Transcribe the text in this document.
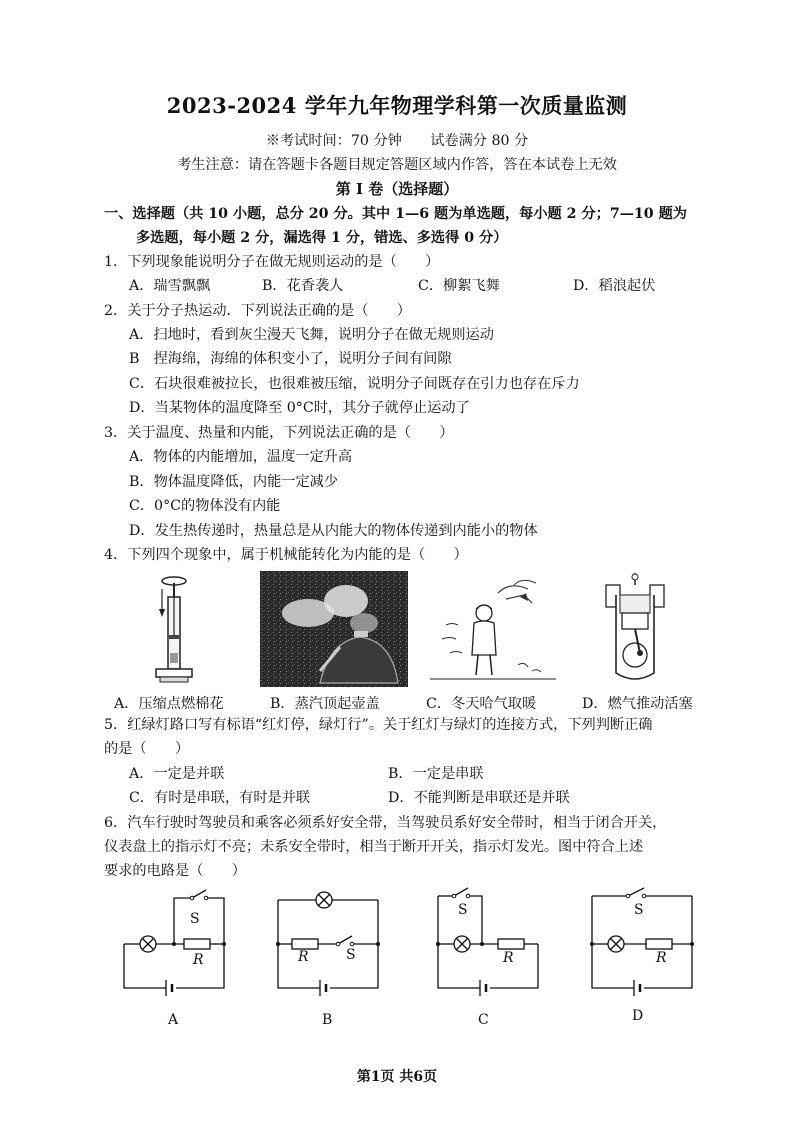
2023-2024 学年九年物理学科第一次质量监测
※考试时间：70 分钟　　试卷满分 80 分
考生注意：请在答题卡各题目规定答题区域内作答，答在本试卷上无效
第 I 卷（选择题）
一、选择题（共 10 小题，总分 20 分。其中 1—6 题为单选题，每小题 2 分；7—10 题为
多选题，每小题 2 分，漏选得 1 分，错选、多选得 0 分）
1．下列现象能说明分子在做无规则运动的是（　　）
A．瑞雪飘飘	B．花香袭人	C．柳絮飞舞	D．稻浪起伏
2．关于分子热运动．下列说法正确的是（　　）
A．扫地时，看到灰尘漫天飞舞，说明分子在做无规则运动
B　捏海绵，海绵的体积变小了，说明分子间有间隙
C．石块很难被拉长，也很难被压缩，说明分子间既存在引力也存在斥力
D．当某物体的温度降至 0°C时，其分子就停止运动了
3．关于温度、热量和内能，下列说法正确的是（　　）
A．物体的内能增加，温度一定升高
B．物体温度降低，内能一定减少
C．0°C的物体没有内能
D．发生热传递时，热量总是从内能大的物体传递到内能小的物体
4．下列四个现象中，属于机械能转化为内能的是（　　）
A．压缩点燃棉花	B．蒸汽顶起壶盖	C．冬天哈气取暖	D．燃气推动活塞
5．红绿灯路口写有标语“红灯停，绿灯行”。关于红灯与绿灯的连接方式，下列判断正确
的是（　　）
A．一定是并联	B．一定是串联
C．有时是串联，有时是并联	D．不能判断是串联还是并联
6．汽车行驶时驾驶员和乘客必须系好安全带，当驾驶员系好安全带时，相当于闭合开关，
仪表盘上的指示灯不亮；未系安全带时，相当于断开开关，指示灯发光。图中符合上述
要求的电路是（　　）
S
R
A
R	S
B
S
R
C
S
R
D
第1页 共6页
